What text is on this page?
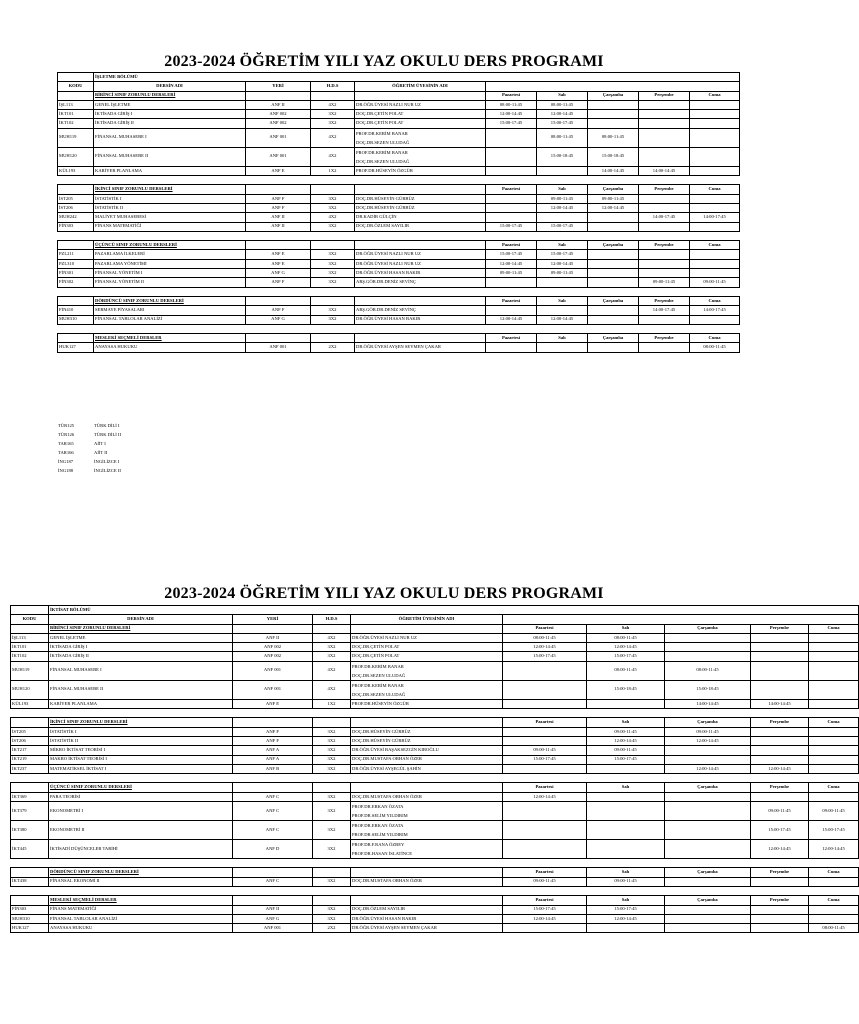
2023-2024 ÖĞRETİM YILI YAZ OKULU DERS PROGRAMI
	İŞLETME BÖLÜMÜ								
KODU	DERSİN ADI	YERİ	H.D.S	ÖĞRETİM ÜYESİNİN ADI					
	BİRİNCİ SINIF ZORUNLU DERSLERİ				Pazartesi	Salı	Çarşamba	Perşembe	Cuma
İŞL113	GENEL İŞLETME	ANF II	4X2	DR.ÖĞR.ÜYESİ NAZLI NUR UZ	08:00-11:45	08:00-11:45			
İKT101	İKTİSADA GİRİŞ I	ANF 002	3X2	DOÇ.DR.ÇETİN POLAT	12:00-14:45	12:00-14:45			
İKT102	İKTİSADA GİRİŞ II	ANF 002	3X2	DOÇ.DR.ÇETİN POLAT	15:00-17:45	15:00-17:45			
MUH119	FİNANSAL MUHASEBE I	ANF 001	4X2	PROF.DR.KERİM BANAR
DOÇ.DR.SEZEN ULUDAĞ		08:00-11:45	08:00-11:45		
MUH120	FİNANSAL MUHASEBE II	ANF 001	4X2	PROF.DR.KERİM BANAR
DOÇ.DR.SEZEN ULUDAĞ		15:00-18:45	15:00-18:45		
KÜL193	KARİYER PLANLAMA	ANF E	1X2	PROF.DR.HÜSEYİN ÖZGÜR			14:00-14:45	14:00-14:45	

	İKİNCİ SINIF ZORUNLU DERSLERİ				Pazartesi	Salı	Çarşamba	Perşembe	Cuma
İST205	İSTATİSTİK I	ANF F	3X2	DOÇ.DR.HÜSEYİN GÜRBÜZ		09:00-11:45	09:00-11:45		
İST206	İSTATİSTİK II	ANF F	3X2	DOÇ.DR.HÜSEYİN GÜRBÜZ		12:00-14:45	12:00-14:45		
MUH242	MALİYET MUHASEBESİ	ANF II	4X2	DR.KADİR GÜLÇİN				14:00-17:45	14:00-17:45
FİN303	FİNANS MATEMATİĞİ	ANF II	3X2	DOÇ.DR.ÖZLEM SAYILIR	15:00-17:45	15:00-17:45			

	ÜÇÜNCÜ SINIF ZORUNLU DERSLERİ				Pazartesi	Salı	Çarşamba	Perşembe	Cuma
PZL211	PAZARLAMA İLKELERİ	ANF E	3X2	DR.ÖĞR.ÜYESİ NAZLI NUR UZ	15:00-17:45	15:00-17:45			
PZL310	PAZARLAMA YÖNETİMİ	ANF E	3X2	DR.ÖĞR.ÜYESİ NAZLI NUR UZ	12:00-14:45	12:00-14:45			
FİN301	FİNANSAL YÖNETİM I	ANF G	3X2	DR.ÖĞR.ÜYESİ HASAN BAKIR	09:00-11:45	09:00-11:45			
FİN302	FİNANSAL YÖNETİM II	ANF F	3X2	ARŞ.GÖR.DR.DENİZ SEVİNÇ				09:00-11:45	09:00-11:45

	DÖRDÜNCÜ SINIF ZORUNLU DERSLERİ				Pazartesi	Salı	Çarşamba	Perşembe	Cuma
FİN410	SERMAYE PİYASALARI	ANF F	3X2	ARŞ.GÖR.DR.DENİZ SEVİNÇ				14:00-17:45	14:00-17:45
MUH310	FİNANSAL TABLOLAR ANALİZİ	ANF G	3X2	DR.ÖĞR.ÜYESİ HASAN BAKIR	12:00-14:45	12:00-14:45			

	MESLEKİ SEÇMELİ DERSLER				Pazartesi	Salı	Çarşamba	Perşembe	Cuma
HUK127	ANAYASA HUKUKU	ANF 001	2X2	DR.ÖĞR.ÜYESİ AYŞEN SEYMEN ÇAKAR					08:00-11:45
TÜR125	TÜRK DİLİ I
TÜR126	TÜRK DİLİ II
TAR165	AİİT I
TAR166	AİİT II
İNG187	İNGİLİZCE I
İNG188	İNGİLİZCE II
2023-2024 ÖĞRETİM YILI YAZ OKULU DERS PROGRAMI
	İKTİSAT BÖLÜMÜ								
KODU	DERSİN ADI	YERİ	H.D.S	ÖĞRETİM ÜYESİNİN ADI					
	BİRİNCİ SINIF ZORUNLU DERSLERİ				Pazartesi	Salı	Çarşamba	Perşembe	Cuma
İŞL113	GENEL İŞLETME	ANF II	4X2	DR.ÖĞR.ÜYESİ NAZLI NUR UZ	08:00-11:45	08:00-11:45			
İKT101	İKTİSADA GİRİŞ I	ANF 002	3X2	DOÇ.DR.ÇETİN POLAT	12:00-14:45	12:00-14:45			
İKT102	İKTİSADA GİRİŞ II	ANF 002	3X2	DOÇ.DR.ÇETİN POLAT	15:00-17:45	15:00-17:45			
MUH119	FİNANSAL MUHASEBE I	ANF 001	4X2	PROF.DR.KERİM BANAR
DOÇ.DR.SEZEN ULUDAĞ		08:00-11:45	08:00-11:45		
MUH120	FİNANSAL MUHASEBE II	ANF 001	4X2	PROF.DR.KERİM BANAR
DOÇ.DR.SEZEN ULUDAĞ		15:00-18:45	15:00-18:45		
KÜL193	KARİYER PLANLAMA	ANF E	1X2	PROF.DR.HÜSEYİN ÖZGÜR			14:00-14:45	14:00-14:45	

	İKİNCİ SINIF ZORUNLU DERSLERİ				Pazartesi	Salı	Çarşamba	Perşembe	Cuma
İST205	İSTATİSTİK I	ANF F	3X2	DOÇ.DR.HÜSEYİN GÜRBÜZ		09:00-11:45	09:00-11:45		
İST206	İSTATİSTİK II	ANF F	3X2	DOÇ.DR.HÜSEYİN GÜRBÜZ		12:00-14:45	12:00-14:45		
İKT217	MİKRO İKTİSAT TEORİSİ I	ANF A	3X2	DR.ÖĞR.ÜYESİ BAŞAKSEZGİN KIROĞLU	09:00-11:45	09:00-11:45			
İKT219	MAKRO İKTİSAT TEORİSİ I	ANF A	3X2	DOÇ.DR.MUSTAFA ORHAN ÖZER	15:00-17:45	15:00-17:45			
İKT237	MATEMATİKSEL İKTİSAT I	ANF B	3X2	DR.ÖĞR.ÜYESİ AYŞEGÜL ŞAHİN			12:00-14:45	12:00-14:45	

	ÜÇÜNCÜ SINIF ZORUNLU DERSLERİ				Pazartesi	Salı	Çarşamba	Perşembe	Cuma
İKT369	PARA TEORİSİ	ANF C	3X2	DOÇ.DR.MUSTAFA ORHAN ÖZER	12:00-14:45				
İKT379	EKONOMETRİ I	ANF C	3X2	PROF.DR.ERKAN ÖZATA
PROF.DR.SELİM YILDIRIM				09:00-11:45	09:00-11:45
İKT380	EKONOMETRİ II	ANF C	3X2	PROF.DR.ERKAN ÖZATA
PROF.DR.SELİM YILDIRIM				15:00-17:45	15:00-17:45
İKT445	İKTİSADİ DÜŞÜNCELER TARİHİ	ANF D	3X2	PROF.DR.F.RANA ÖZBEY
PROF.DR.HASAN İSLATİNCE				12:00-14:45	12:00-14:45

	DÖRDÜNCÜ SINIF ZORUNLU DERSLERİ				Pazartesi	Salı	Çarşamba	Perşembe	Cuma
İKT438	FİNANSAL EKONOMİ II	ANF C	3X2	DOÇ.DR.MUSTAFA ORHAN ÖZER	09:00-11:45	09:00-11:45			

	MESLEKİ SEÇMELİ DERSLER				Pazartesi	Salı	Çarşamba	Perşembe	Cuma
FİN303	FİNANS MATEMATİĞİ	ANF II	3X2	DOÇ.DR.ÖZLEM SAYILIR	15:00-17:45	15:00-17:45			
MUH310	FİNANSAL TABLOLAR ANALİZİ	ANF G	3X2	DR.ÖĞR.ÜYESİ HASAN BAKIR	12:00-14:45	12:00-14:45			
HUK127	ANAYASA HUKUKU	ANF 001	2X2	DR.ÖĞR.ÜYESİ AYŞEN SEYMEN ÇAKAR					08:00-11:45
